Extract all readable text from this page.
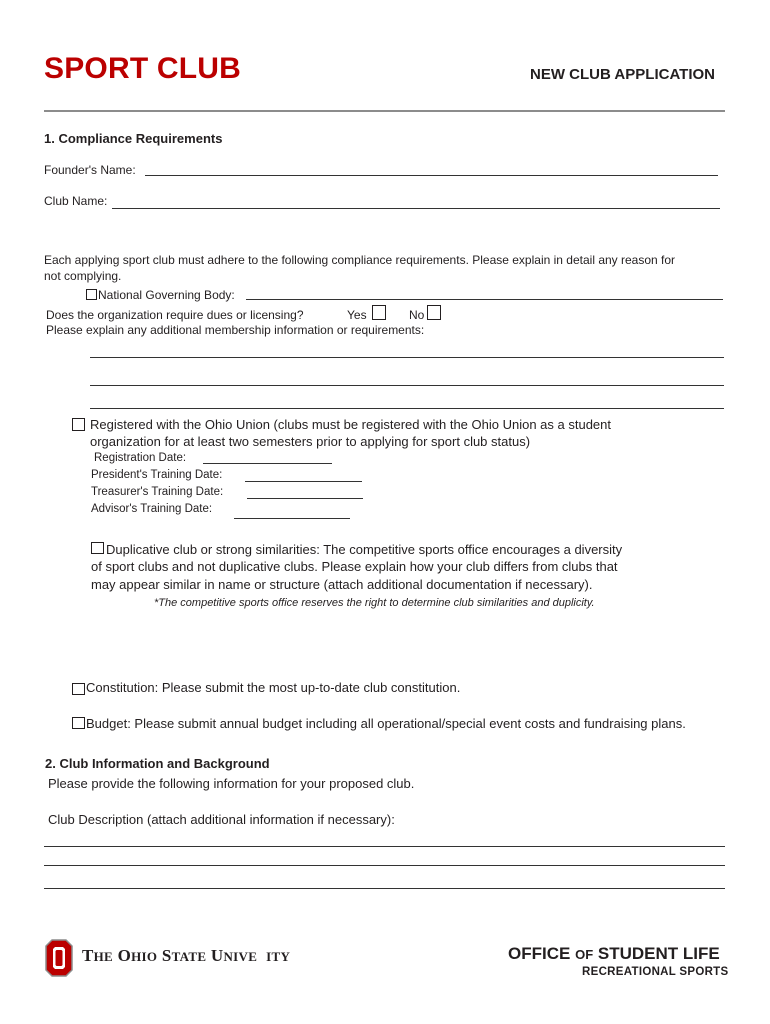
SPORT CLUB	NEW CLUB APPLICATION
1. Compliance Requirements
Founder's Name:
Club Name:
Each applying sport club must adhere to the following compliance requirements. Please explain in detail any reason for
not complying.
National Governing Body:
Does the organization require dues or licensing?	Yes	No
Please explain any additional membership information or requirements:
Registered with the Ohio Union (clubs must be registered with the Ohio Union as a student
organization for at least two semesters prior to applying for sport club status)
Registration Date:
President's Training Date:
Treasurer's Training Date:
Advisor's Training Date:
Duplicative club or strong similarities: The competitive sports office encourages a diversity
of sport clubs and not duplicative clubs. Please explain how your club differs from clubs that
may appear similar in name or structure (attach additional documentation if necessary).
*The competitive sports office reserves the right to determine club similarities and duplicity.
Constitution: Please submit the most up-to-date club constitution.
Budget: Please submit annual budget including all operational/special event costs and fundraising plans.
2. Club Information and Background
Please provide the following information for your proposed club.
Club Description (attach additional information if necessary):
THE OHIO STATE UNIVE ITY	OFFICE OF STUDENT LIFE
RECREATIONAL SPORTS
